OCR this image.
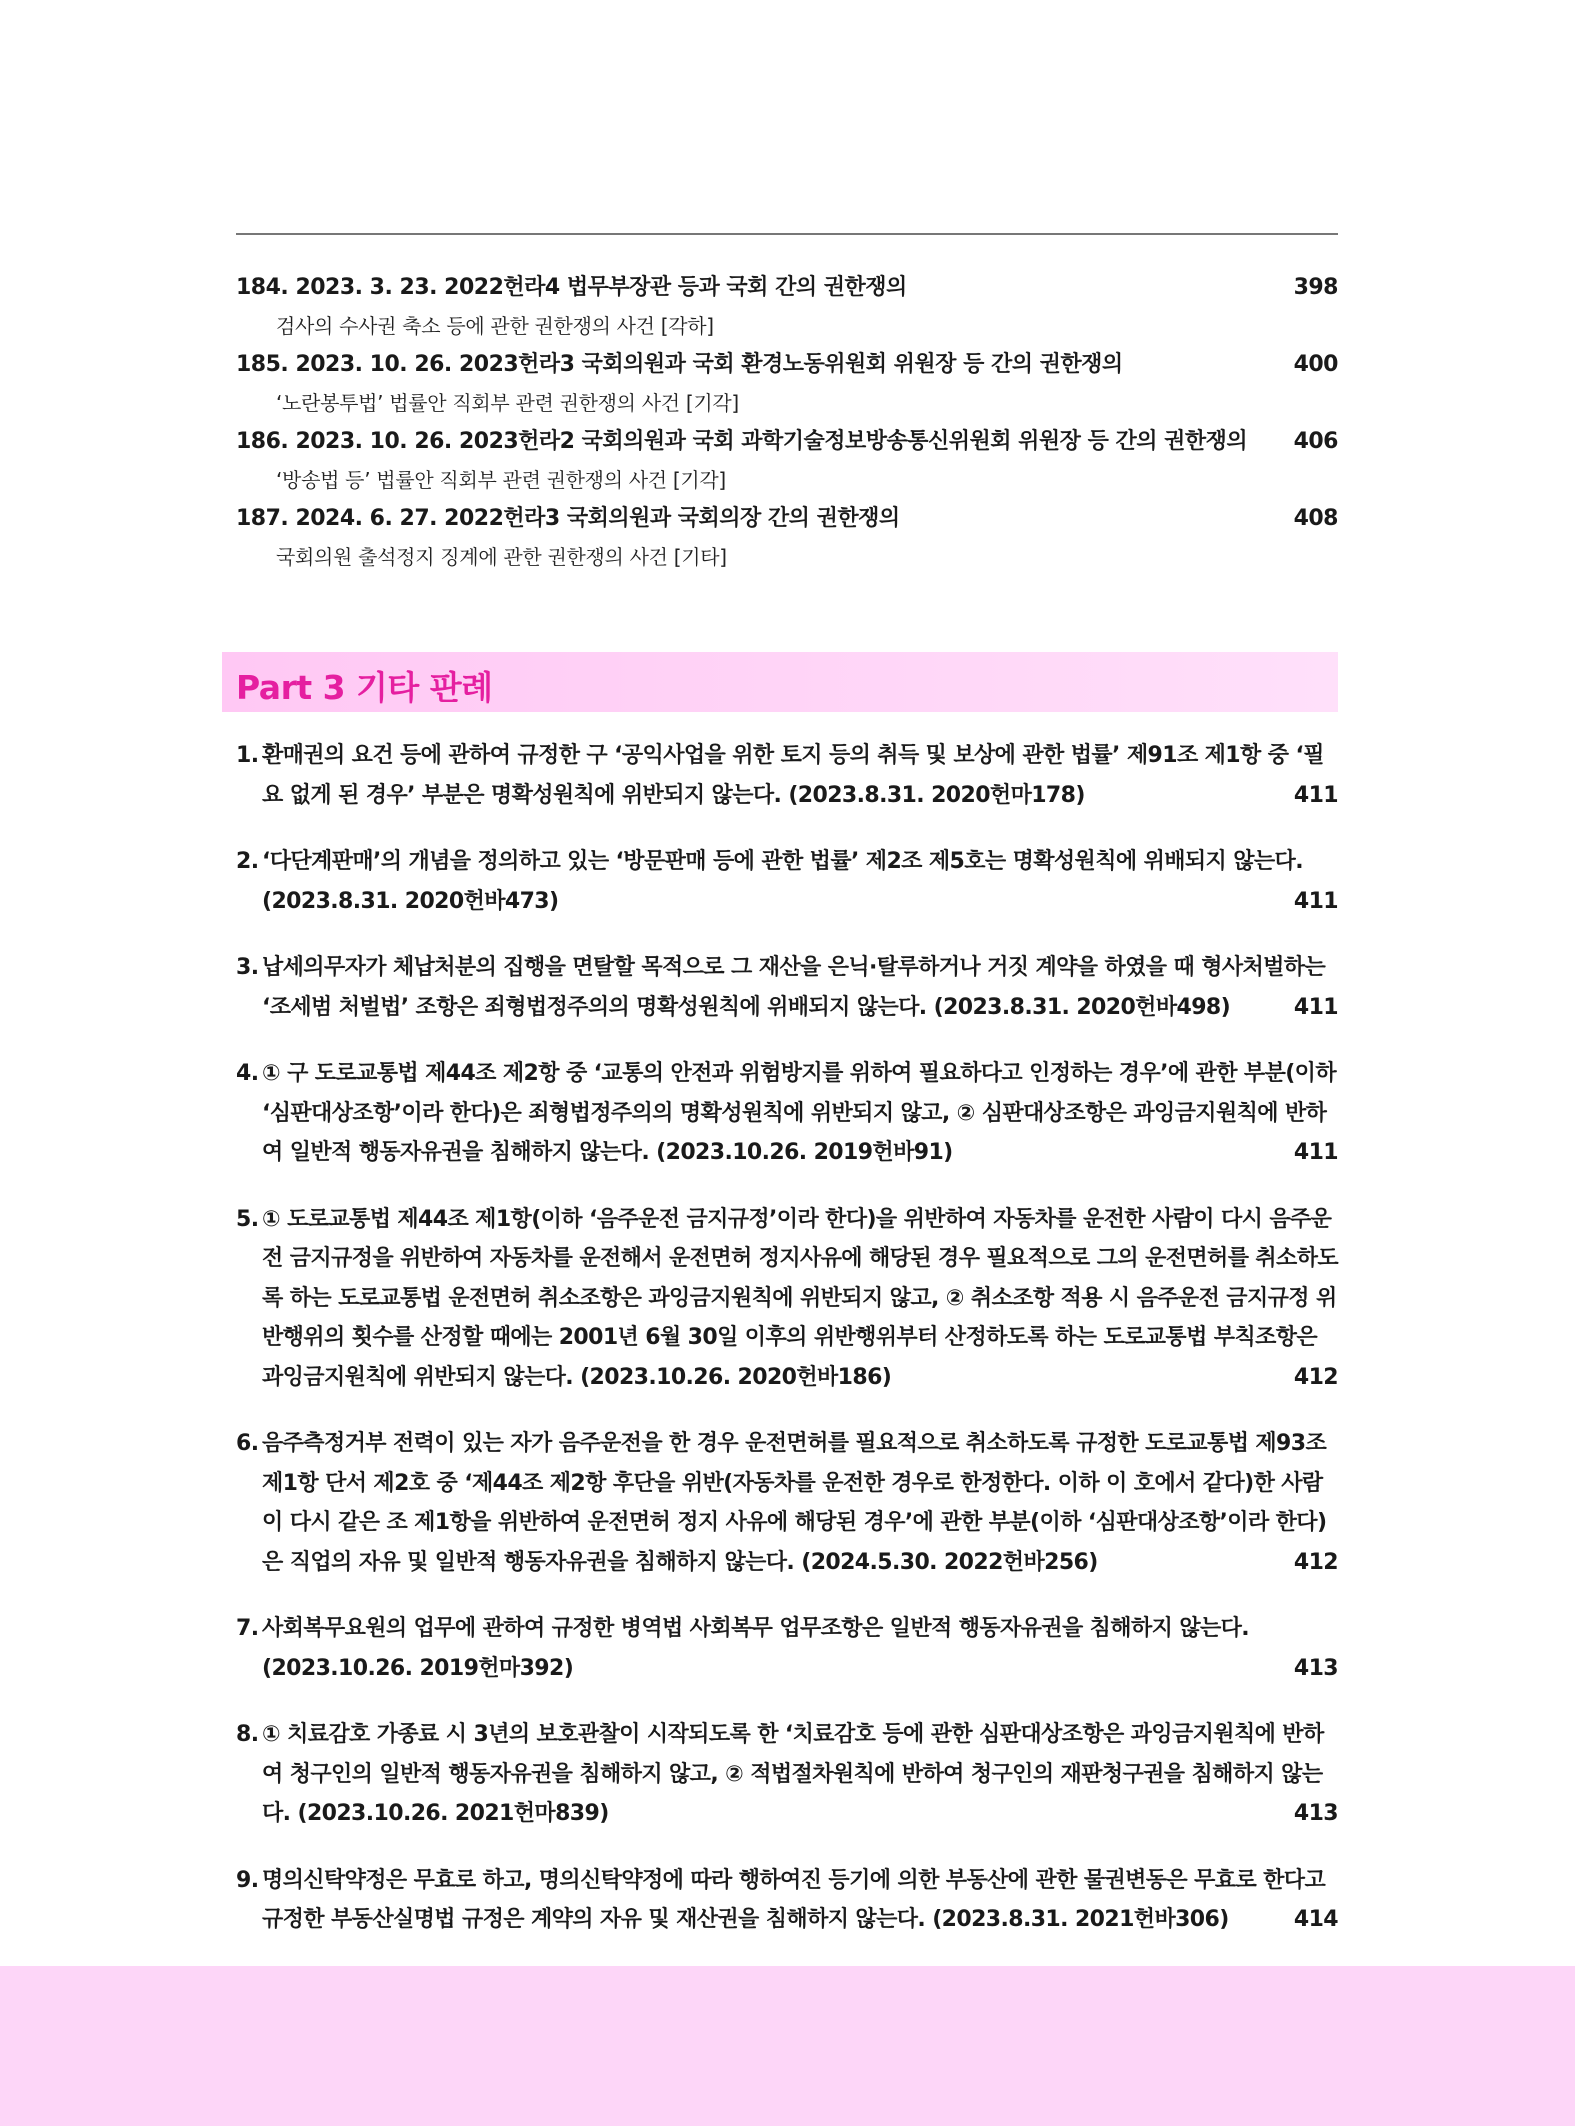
184. 2023. 3. 23. 2022헌라4 법무부장관 등과 국회 간의 권한쟁의	398
검사의 수사권 축소 등에 관한 권한쟁의 사건 [각하]
185. 2023. 10. 26. 2023헌라3 국회의원과 국회 환경노동위원회 위원장 등 간의 권한쟁의	400
‘노란봉투법’ 법률안 직회부 관련 권한쟁의 사건 [기각]
186. 2023. 10. 26. 2023헌라2 국회의원과 국회 과학기술정보방송통신위원회 위원장 등 간의 권한쟁의 406
‘방송법 등’ 법률안 직회부 관련 권한쟁의 사건 [기각]
187. 2024. 6. 27. 2022헌라3 국회의원과 국회의장 간의 권한쟁의	408
국회의원 출석정지 징계에 관한 권한쟁의 사건 [기타]
Part 3 기타 판례
1. 환매권의 요건 등에 관하여 규정한 구 ‘공익사업을 위한 토지 등의 취득 및 보상에 관한 법률’ 제91조 제1항 중 ‘필요 없게 된 경우’ 부분은 명확성원칙에 위반되지 않는다. (2023.8.31. 2020헌마178)	411
2. ‘다단계판매’의 개념을 정의하고 있는 ‘방문판매 등에 관한 법률’ 제2조 제5호는 명확성원칙에 위배되지 않는다. (2023.8.31. 2020헌바473)	411
3. 납세의무자가 체납처분의 집행을 면탈할 목적으로 그 재산을 은닉·탈루하거나 거짓 계약을 하였을 때 형사처벌하는 ‘조세범 처벌법’ 조항은 죄형법정주의의 명확성원칙에 위배되지 않는다. (2023.8.31. 2020헌바498)	411
4. ① 구 도로교통법 제44조 제2항 중 ‘교통의 안전과 위험방지를 위하여 필요하다고 인정하는 경우’에 관한 부분(이하 ‘심판대상조항’이라 한다)은 죄형법정주의의 명확성원칙에 위반되지 않고, ② 심판대상조항은 과잉금지원칙에 반하여 일반적 행동자유권을 침해하지 않는다. (2023.10.26. 2019헌바91)	411
5. ① 도로교통법 제44조 제1항(이하 ‘음주운전 금지규정’이라 한다)을 위반하여 자동차를 운전한 사람이 다시 음주운전 금지규정을 위반하여 자동차를 운전해서 운전면허 정지사유에 해당된 경우 필요적으로 그의 운전면허를 취소하도록 하는 도로교통법 운전면허 취소조항은 과잉금지원칙에 위반되지 않고, ② 취소조항 적용 시 음주운전 금지규정 위반행위의 횟수를 산정할 때에는 2001년 6월 30일 이후의 위반행위부터 산정하도록 하는 도로교통법 부칙조항은 과잉금지원칙에 위반되지 않는다. (2023.10.26. 2020헌바186)	412
6. 음주측정거부 전력이 있는 자가 음주운전을 한 경우 운전면허를 필요적으로 취소하도록 규정한 도로교통법 제93조 제1항 단서 제2호 중 ‘제44조 제2항 후단을 위반(자동차를 운전한 경우로 한정한다. 이하 이 호에서 같다)한 사람이 다시 같은 조 제1항을 위반하여 운전면허 정지 사유에 해당된 경우’에 관한 부분(이하 ‘심판대상조항’이라 한다)은 직업의 자유 및 일반적 행동자유권을 침해하지 않는다. (2024.5.30. 2022헌바256)	412
7. 사회복무요원의 업무에 관하여 규정한 병역법 사회복무 업무조항은 일반적 행동자유권을 침해하지 않는다. (2023.10.26. 2019헌마392)	413
8. ① 치료감호 가종료 시 3년의 보호관찰이 시작되도록 한 ‘치료감호 등에 관한 심판대상조항은 과잉금지원칙에 반하여 청구인의 일반적 행동자유권을 침해하지 않고, ② 적법절차원칙에 반하여 청구인의 재판청구권을 침해하지 않는다. (2023.10.26. 2021헌마839)	413
9. 명의신탁약정은 무효로 하고, 명의신탁약정에 따라 행하여진 등기에 의한 부동산에 관한 물권변동은 무효로 한다고 규정한 부동산실명법 규정은 계약의 자유 및 재산권을 침해하지 않는다. (2023.8.31. 2021헌바306)	414
